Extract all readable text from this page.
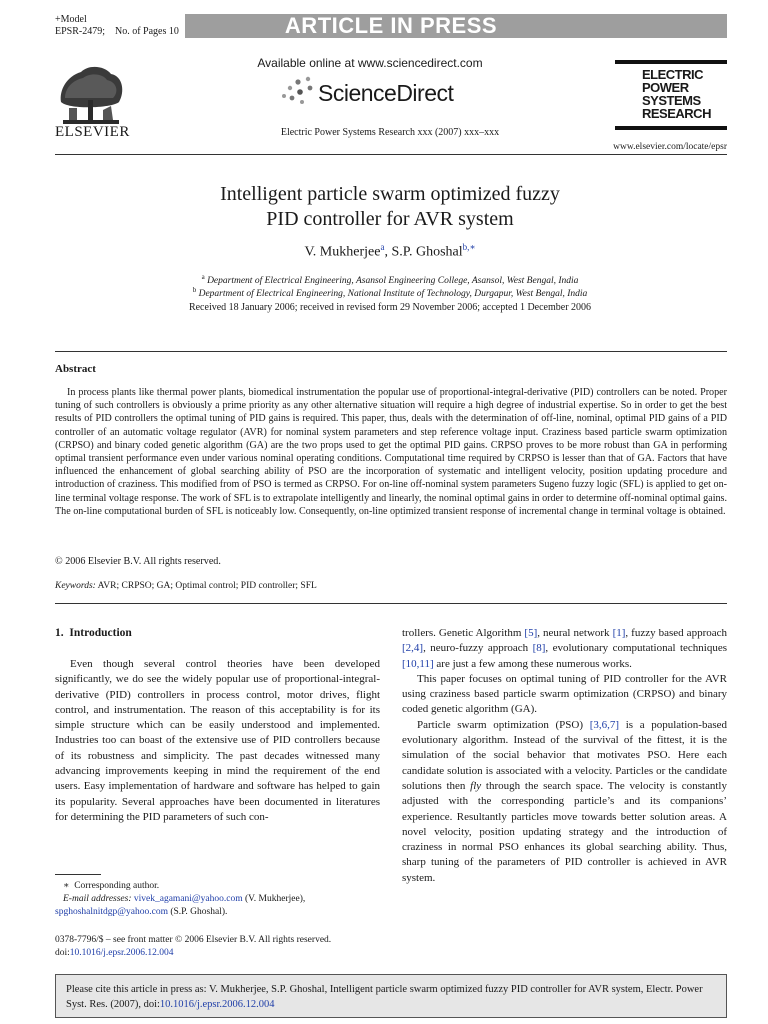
ARTICLE IN PRESS
+Model
EPSR-2479;    No. of Pages 10
ELSEVIER
Available online at www.sciencedirect.com
ScienceDirect
Electric Power Systems Research xxx (2007) xxx–xxx
ELECTRIC
POWER
SYSTEMS
RESEARCH
www.elsevier.com/locate/epsr
Intelligent particle swarm optimized fuzzy
PID controller for AVR system
V. Mukherjee$^a$, S.P. Ghoshal$^{b,∗}$
$^a$ Department of Electrical Engineering, Asansol Engineering College, Asansol, West Bengal, India
$^b$ Department of Electrical Engineering, National Institute of Technology, Durgapur, West Bengal, India
Received 18 January 2006; received in revised form 29 November 2006; accepted 1 December 2006
Abstract

In process plants like thermal power plants, biomedical instrumentation the popular use of proportional-integral-derivative (PID) controllers can be noted. Proper tuning of such controllers is obviously a prime priority as any other alternative situation will require a high degree of industrial expertise. So in order to get the best results of PID controllers the optimal tuning of PID gains is required. This paper, thus, deals with the determination of off-line, nominal, optimal PID gains of a PID controller of an automatic voltage regulator (AVR) for nominal system parameters and step reference voltage input. Craziness based particle swarm optimization (CRPSO) and binary coded genetic algorithm (GA) are the two props used to get the optimal PID gains. CRPSO proves to be more robust than GA in performing optimal transient performance even under various nominal operating conditions. Computational time required by CRPSO is lesser than that of GA. Factors that have influenced the enhancement of global searching ability of PSO are the incorporation of systematic and intelligent velocity, position updating procedure and introduction of craziness. This modified from of PSO is termed as CRPSO. For on-line off-nominal system parameters Sugeno fuzzy logic (SFL) is applied to get on-line terminal voltage response. The work of SFL is to extrapolate intelligently and linearly, the nominal optimal gains in order to determine off-nominal optimal gains. The on-line computational burden of SFL is noticeably low. Consequently, on-line optimized transient response of incremental change in terminal voltage is obtained.

© 2006 Elsevier B.V. All rights reserved.
Keywords: AVR; CRPSO; GA; Optimal control; PID controller; SFL
1.  Introduction

Even though several control theories have been developed significantly, we do see the widely popular use of proportional-integral-derivative (PID) controllers in process control, motor drives, flight control, and instrumentation. The reason of this acceptability is for its simple structure which can be easily understood and implemented. Industries too can boast of the extensive use of PID controllers because of its robustness and simplicity. The past decades witnessed many advancing improvements keeping in mind the requirement of the end users. Easy implementation of hardware and software has helped to gain its popularity. Several approaches have been documented in literatures for determining the PID parameters of such con-

trollers. Genetic Algorithm [5], neural network [1], fuzzy based approach [2,4], neuro-fuzzy approach [8], evolutionary computational techniques [10,11] are just a few among these numerous works.

This paper focuses on optimal tuning of PID controller for the AVR using craziness based particle swarm optimization (CRPSO) and binary coded genetic algorithm (GA).

Particle swarm optimization (PSO) [3,6,7] is a population-based evolutionary algorithm. Instead of the survival of the fittest, it is the simulation of the social behavior that motivates PSO. Here each candidate solution is associated with a velocity. Particles or the candidate solutions then fly through the search space. The velocity is constantly adjusted with the corresponding particle’s and its companions’ experience. Resultantly particles move towards better solution areas. A novel velocity, position updating strategy and the introduction of craziness in normal PSO enhances its global searching ability. Thus, sharp tuning of the parameters of PID controller is achieved in AVR system.

∗  Corresponding author.
E-mail addresses: vivek_agamani@yahoo.com (V. Mukherjee),
spghoshalnitdgp@yahoo.com (S.P. Ghoshal).
0378-7796/$ – see front matter © 2006 Elsevier B.V. All rights reserved.
doi:10.1016/j.epsr.2006.12.004
Please cite this article in press as: V. Mukherjee, S.P. Ghoshal, Intelligent particle swarm optimized fuzzy PID controller for AVR system, Electr. Power Syst. Res. (2007), doi:10.1016/j.epsr.2006.12.004
